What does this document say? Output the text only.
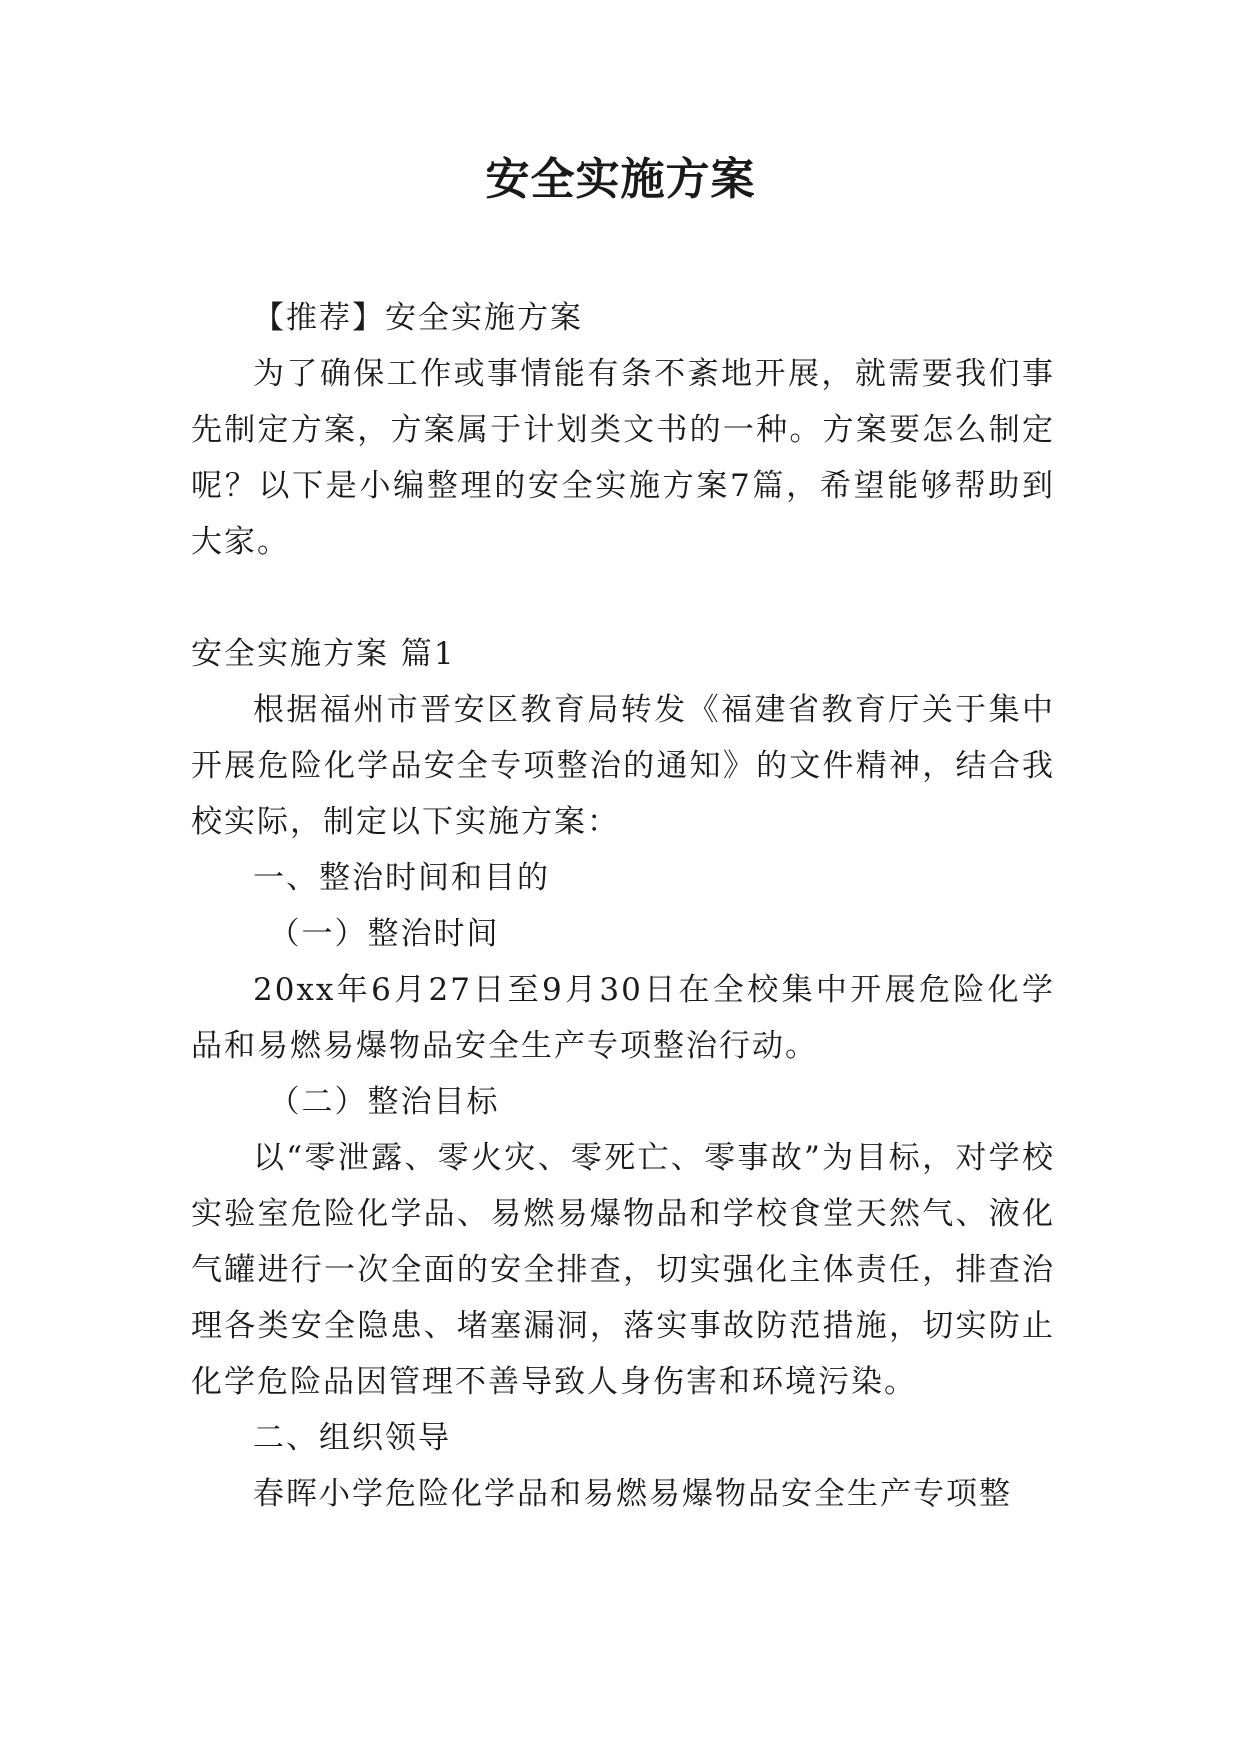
安全实施方案

【推荐】安全实施方案

为了确保工作或事情能有条不紊地开展，就需要我们事先制定方案，方案属于计划类文书的一种。方案要怎么制定呢？以下是小编整理的安全实施方案7篇，希望能够帮助到大家。

安全实施方案 篇1

根据福州市晋安区教育局转发《福建省教育厅关于集中开展危险化学品安全专项整治的通知》的文件精神，结合我校实际，制定以下实施方案：

一、整治时间和目的

（一）整治时间

20xx年6月27日至9月30日在全校集中开展危险化学品和易燃易爆物品安全生产专项整治行动。

（二）整治目标

以“零泄露、零火灾、零死亡、零事故”为目标，对学校实验室危险化学品、易燃易爆物品和学校食堂天然气、液化气罐进行一次全面的安全排查，切实强化主体责任，排查治理各类安全隐患、堵塞漏洞，落实事故防范措施，切实防止化学危险品因管理不善导致人身伤害和环境污染。

二、组织领导

春晖小学危险化学品和易燃易爆物品安全生产专项整
